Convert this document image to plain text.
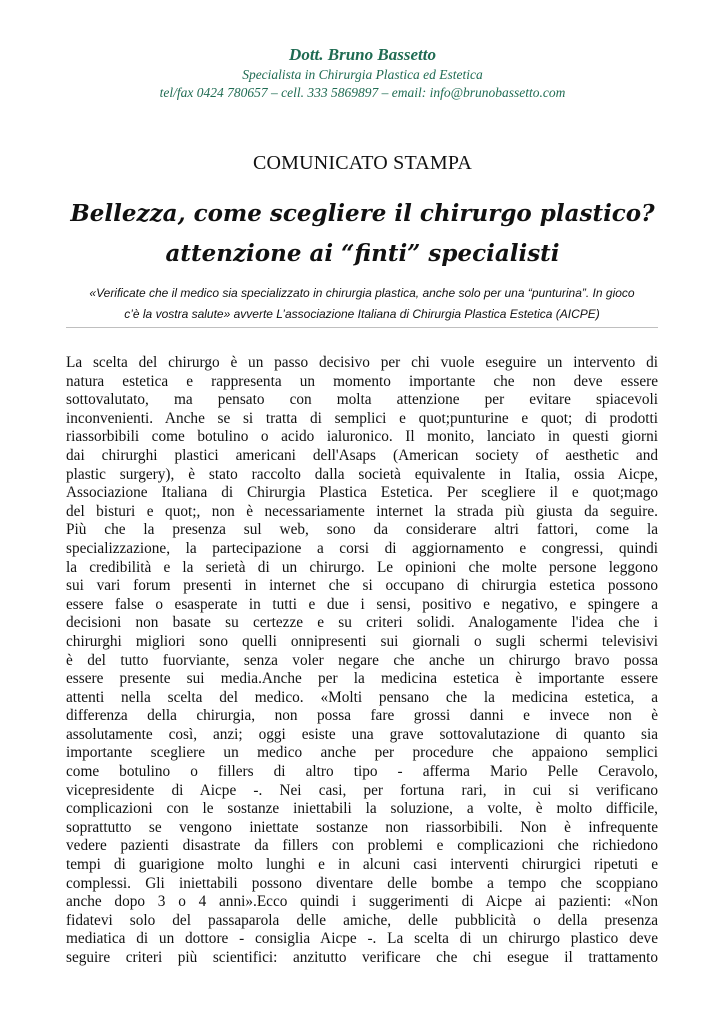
Dott. Bruno Bassetto
Specialista in Chirurgia Plastica ed Estetica
tel/fax 0424 780657 – cell. 333 5869897 – email: info@brunobassetto.com
COMUNICATO STAMPA
Bellezza, come scegliere il chirurgo plastico?
attenzione ai “finti” specialisti
«Verificate che il medico sia specializzato in chirurgia plastica, anche solo per una “punturina”. In gioco
c’è la vostra salute» avverte L’associazione Italiana di Chirurgia Plastica Estetica (AICPE)
La scelta del chirurgo è un passo decisivo per chi vuole eseguire un intervento di
natura estetica e rappresenta un momento importante che non deve essere
sottovalutato, ma pensato con molta attenzione per evitare spiacevoli
inconvenienti. Anche se si tratta di semplici e quot;punturine e quot; di prodotti
riassorbibili come botulino o acido ialuronico. Il monito, lanciato in questi giorni
dai chirurghi plastici americani dell'Asaps (American society of aesthetic and
plastic surgery), è stato raccolto dalla società equivalente in Italia, ossia Aicpe,
Associazione Italiana di Chirurgia Plastica Estetica. Per scegliere il e quot;mago
del bisturi e quot;, non è necessariamente internet la strada più giusta da seguire.
Più che la presenza sul web, sono da considerare altri fattori, come la
specializzazione, la partecipazione a corsi di aggiornamento e congressi, quindi
la credibilità e la serietà di un chirurgo. Le opinioni che molte persone leggono
sui vari forum presenti in internet che si occupano di chirurgia estetica possono
essere false o esasperate in tutti e due i sensi, positivo e negativo, e spingere a
decisioni non basate su certezze e su criteri solidi. Analogamente l'idea che i
chirurghi migliori sono quelli onnipresenti sui giornali o sugli schermi televisivi
è del tutto fuorviante, senza voler negare che anche un chirurgo bravo possa
essere presente sui media.Anche per la medicina estetica è importante essere
attenti nella scelta del medico. «Molti pensano che la medicina estetica, a
differenza della chirurgia, non possa fare grossi danni e invece non è
assolutamente così, anzi; oggi esiste una grave sottovalutazione di quanto sia
importante scegliere un medico anche per procedure che appaiono semplici
come botulino o fillers di altro tipo - afferma Mario Pelle Ceravolo,
vicepresidente di Aicpe -. Nei casi, per fortuna rari, in cui si verificano
complicazioni con le sostanze iniettabili la soluzione, a volte, è molto difficile,
soprattutto se vengono iniettate sostanze non riassorbibili. Non è infrequente
vedere pazienti disastrate da fillers con problemi e complicazioni che richiedono
tempi di guarigione molto lunghi e in alcuni casi interventi chirurgici ripetuti e
complessi. Gli iniettabili possono diventare delle bombe a tempo che scoppiano
anche dopo 3 o 4 anni».Ecco quindi i suggerimenti di Aicpe ai pazienti: «Non
fidatevi solo del passaparola delle amiche, delle pubblicità o della presenza
mediatica di un dottore - consiglia Aicpe -. La scelta di un chirurgo plastico deve
seguire criteri più scientifici: anzitutto verificare che chi esegue il trattamento
